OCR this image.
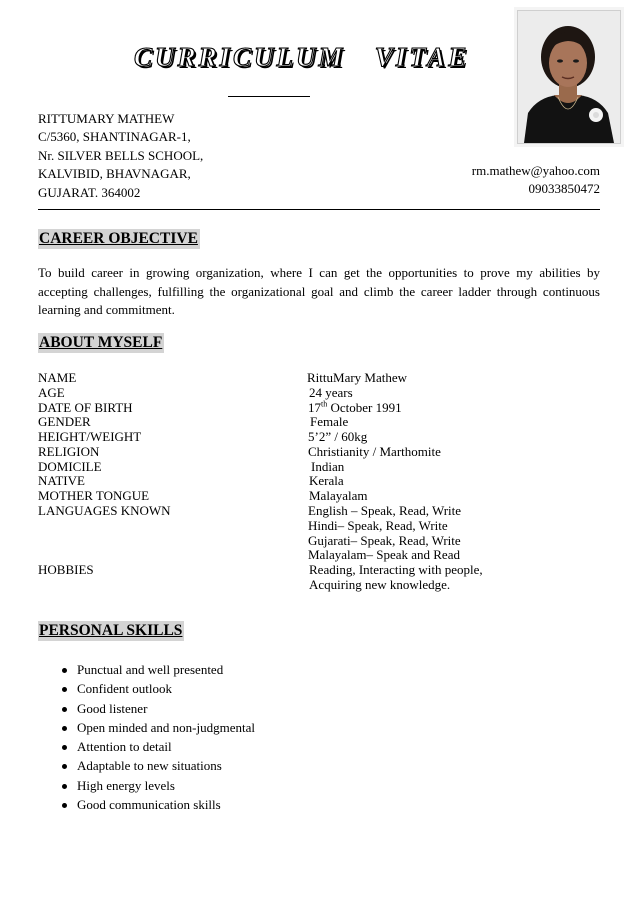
CURRICULUM   VITAE
RITTUMARY MATHEW
C/5360, SHANTINAGAR-1,
Nr. SILVER BELLS SCHOOL,
KALVIBID, BHAVNAGAR,
GUJARAT. 364002
rm.mathew@yahoo.com
09033850472
CAREER OBJECTIVE
To build career in growing organization, where I can get the opportunities to prove my abilities by accepting challenges, fulfilling the organizational goal and climb the career ladder through continuous learning and commitment.
ABOUT MYSELF
NAME	RittuMary Mathew
AGE	24 years
DATE OF BIRTH	17th October 1991
GENDER	Female
HEIGHT/WEIGHT	5’2” / 60kg
RELIGION	Christianity / Marthomite
DOMICILE	Indian
NATIVE	Kerala
MOTHER TONGUE	Malayalam
LANGUAGES KNOWN	English – Speak, Read, Write
Hindi– Speak, Read, Write
Gujarati– Speak, Read, Write
Malayalam– Speak and Read
HOBBIES	Reading, Interacting with people,
Acquiring new knowledge.
PERSONAL SKILLS
Punctual and well presented
Confident outlook
Good listener
Open minded and non-judgmental
Attention to detail
Adaptable to new situations
High energy levels
Good communication skills
